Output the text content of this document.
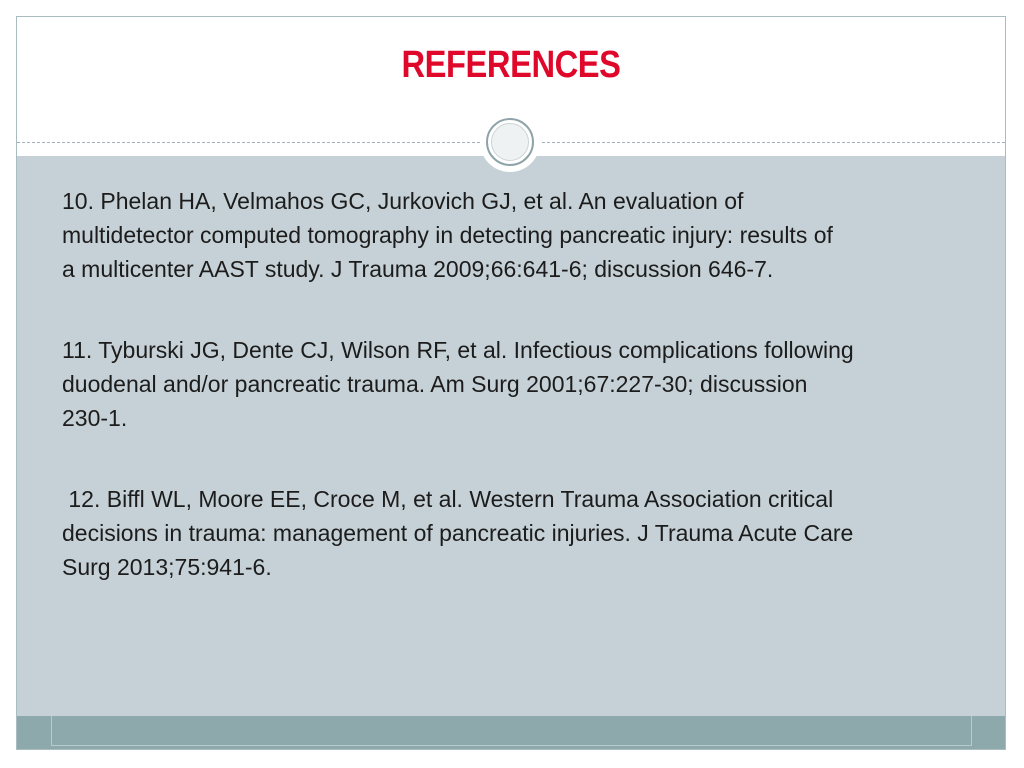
REFERENCES
10. Phelan HA, Velmahos GC, Jurkovich GJ, et al. An evaluation of
multidetector computed tomography in detecting pancreatic injury: results of
a multicenter AAST study. J Trauma 2009;66:641-6; discussion 646-7.
11. Tyburski JG, Dente CJ, Wilson RF, et al. Infectious complications following
duodenal and/or pancreatic trauma. Am Surg 2001;67:227-30; discussion
230-1.
12. Biffl WL, Moore EE, Croce M, et al. Western Trauma Association critical
decisions in trauma: management of pancreatic injuries. J Trauma Acute Care
Surg 2013;75:941-6.
